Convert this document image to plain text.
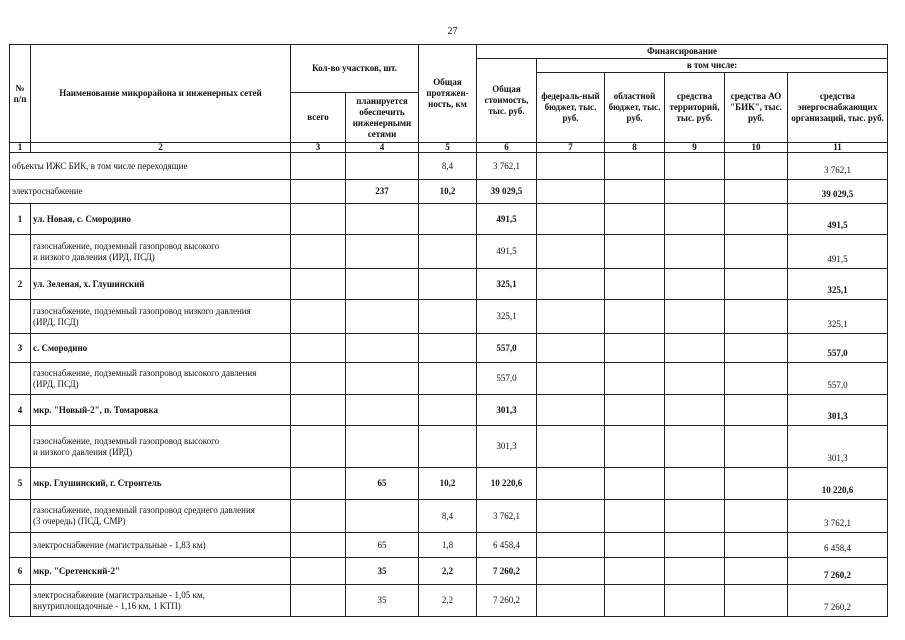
27
№ п/п	Наименование микрорайона и инженерных сетей	Кол-во участков, шт.		Общая протяжен-ность, км	Финансирование					
					Общая стоимость, тыс. руб.	в том числе:				
						федераль-ный бюджет, тыс. руб.	областной бюджет, тыс. руб.	средства территорий, тыс. руб.	средства АО "БИК", тыс. руб.	средства энергоснабжающих организаций, тыс. руб.
		всего	планируется обеспечить инженерными сетями							
1	2	3	4	5	6	7	8	9	10	11
объекты ИЖС БИК, в том числе переходящие				8,4	3 762,1					3 762,1
электроснабжение			237	10,2	39 029,5					39 029,5
1	ул. Новая, с. Смородино				491,5					491,5
	газоснабжение, подземный газопровод высокого
и низкого давления (ИРД, ПСД)				491,5					491,5
2	ул. Зеленая, х. Глушинский				325,1					325,1
	газоснабжение, подземный газопровод низкого давления
(ИРД, ПСД)				325,1					325,1
3	с. Смородино				557,0					557,0
	газоснабжение, подземный газопровод высокого давления
(ИРД, ПСД)				557,0					557,0
4	мкр. "Новый-2", п. Томаровка				301,3					301,3
	газоснабжение, подземный газопровод высокого
и низкого давления (ИРД)				301,3					301,3
5	мкр. Глушинский, г. Строитель		65	10,2	10 220,6					10 220,6
	газоснабжение, подземный газопровод среднего давления
(3 очередь) (ПСД, СМР)			8,4	3 762,1					3 762,1
	электроснабжение (магистральные - 1,83 км)		65	1,8	6 458,4					6 458,4
6	мкр. "Сретенский-2"		35	2,2	7 260,2					7 260,2
	электроснабжение (магистральные - 1,05 км,
внутриплощадочные - 1,16 км, 1 КТП)		35	2,2	7 260,2					7 260,2
